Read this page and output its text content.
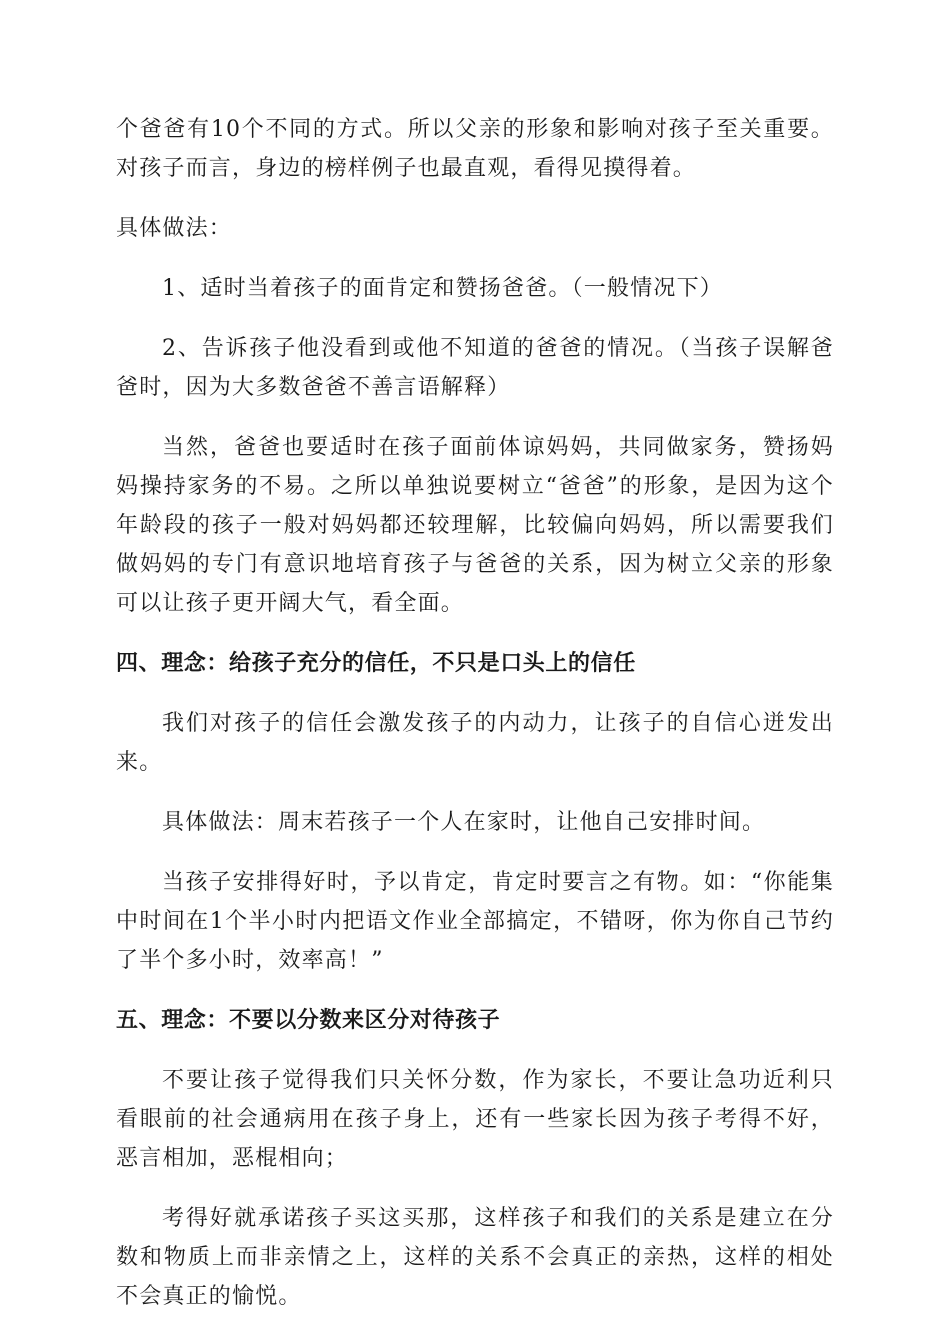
个爸爸有10个不同的方式。所以父亲的形象和影响对孩子至关重要。对孩子而言，身边的榜样例子也最直观，看得见摸得着。

具体做法：

1、适时当着孩子的面肯定和赞扬爸爸。（一般情况下）

2、告诉孩子他没看到或他不知道的爸爸的情况。（当孩子误解爸爸时，因为大多数爸爸不善言语解释）

当然，爸爸也要适时在孩子面前体谅妈妈，共同做家务，赞扬妈妈操持家务的不易。之所以单独说要树立“爸爸”的形象，是因为这个年龄段的孩子一般对妈妈都还较理解，比较偏向妈妈，所以需要我们做妈妈的专门有意识地培育孩子与爸爸的关系，因为树立父亲的形象可以让孩子更开阔大气，看全面。

四、理念：给孩子充分的信任，不只是口头上的信任

我们对孩子的信任会激发孩子的内动力，让孩子的自信心迸发出来。

具体做法：周末若孩子一个人在家时，让他自己安排时间。

当孩子安排得好时，予以肯定，肯定时要言之有物。如：“你能集中时间在1个半小时内把语文作业全部搞定，不错呀，你为你自己节约了半个多小时，效率高！”

五、理念：不要以分数来区分对待孩子

不要让孩子觉得我们只关怀分数，作为家长，不要让急功近利只看眼前的社会通病用在孩子身上，还有一些家长因为孩子考得不好，恶言相加，恶棍相向；

考得好就承诺孩子买这买那，这样孩子和我们的关系是建立在分数和物质上而非亲情之上，这样的关系不会真正的亲热，这样的相处不会真正的愉悦。
